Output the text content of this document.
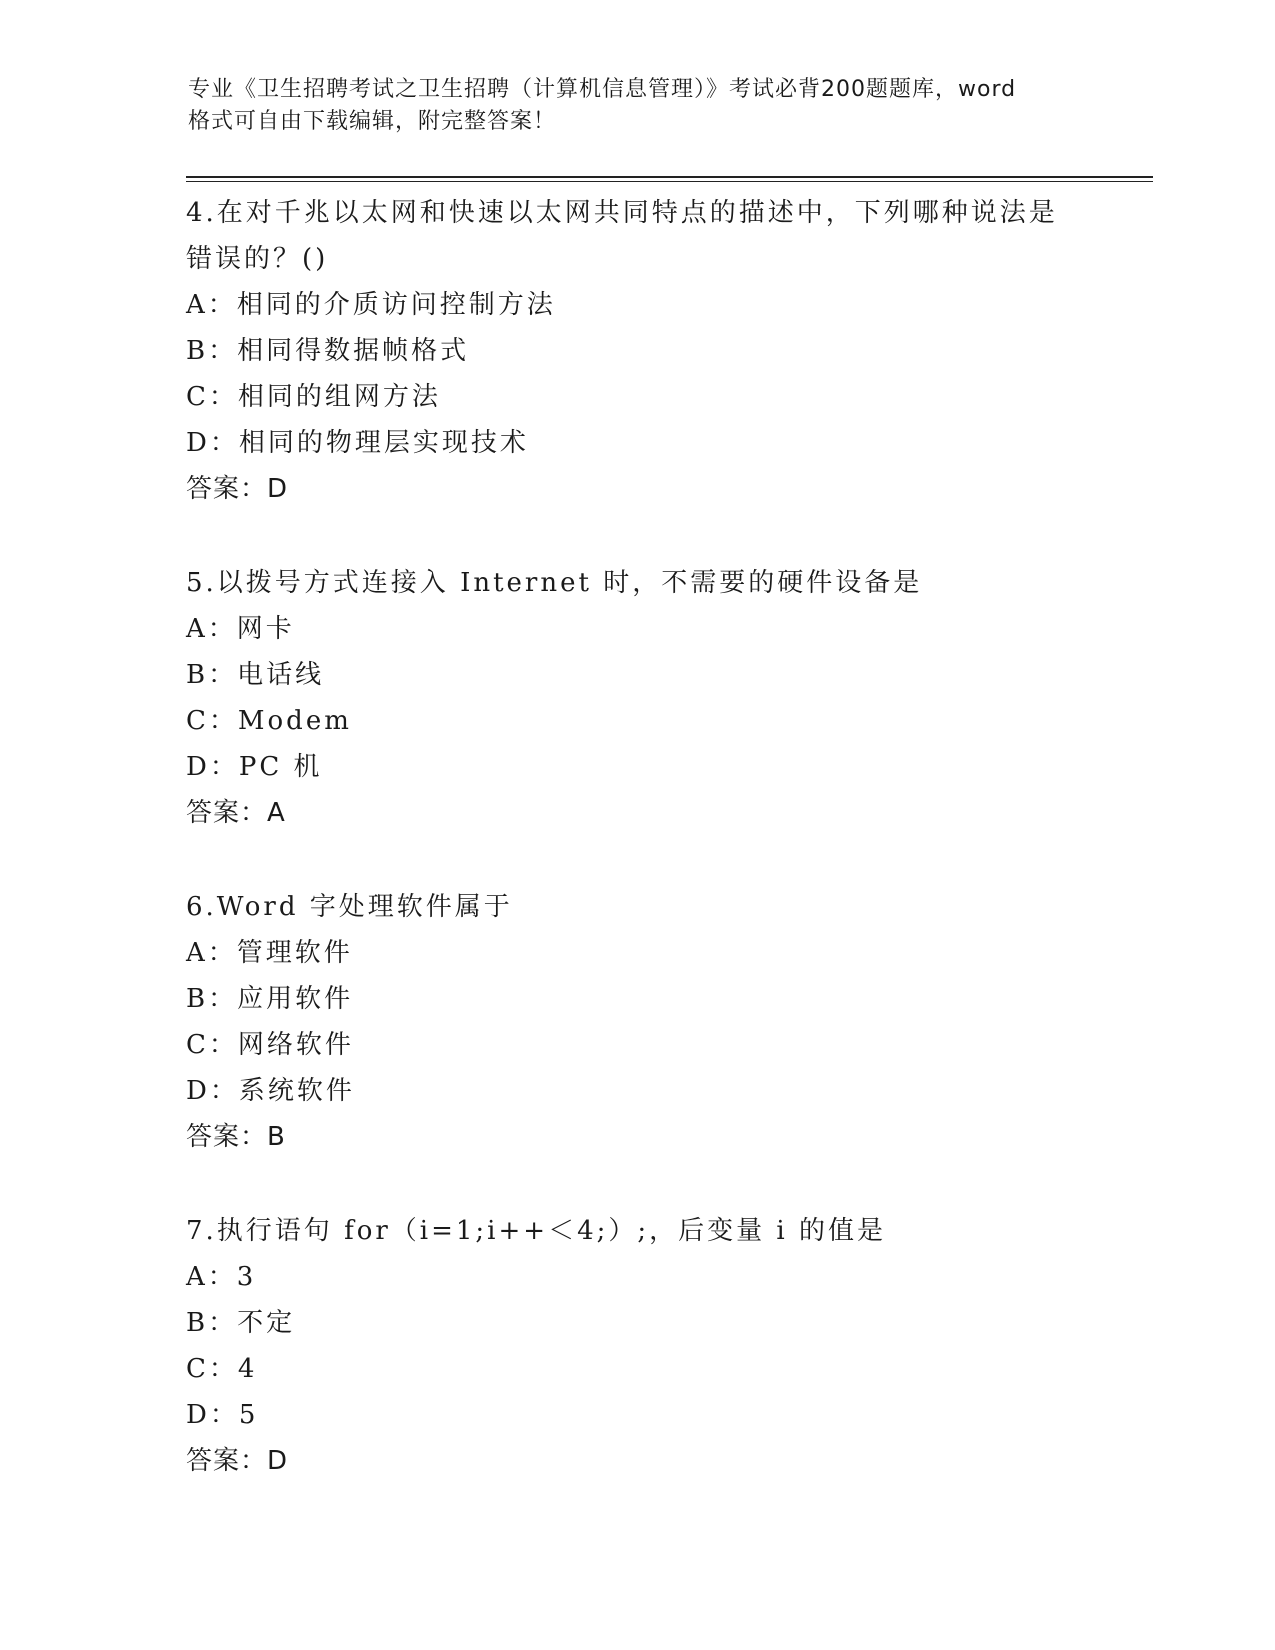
专业《卫生招聘考试之卫生招聘（计算机信息管理）》考试必背200题题库，word
格式可自由下载编辑，附完整答案！
4.在对千兆以太网和快速以太网共同特点的描述中，下列哪种说法是
错误的？()
A：相同的介质访问控制方法
B：相同得数据帧格式
C：相同的组网方法
D：相同的物理层实现技术
答案：D
5.以拨号方式连接入 Internet 时，不需要的硬件设备是
A：网卡
B：电话线
C：Modem
D：PC 机
答案：A
6.Word 字处理软件属于
A：管理软件
B：应用软件
C：网络软件
D：系统软件
答案：B
7.执行语句 for（i=1;i++＜4;）;，后变量 i 的值是
A：3
B：不定
C：4
D：5
答案：D
